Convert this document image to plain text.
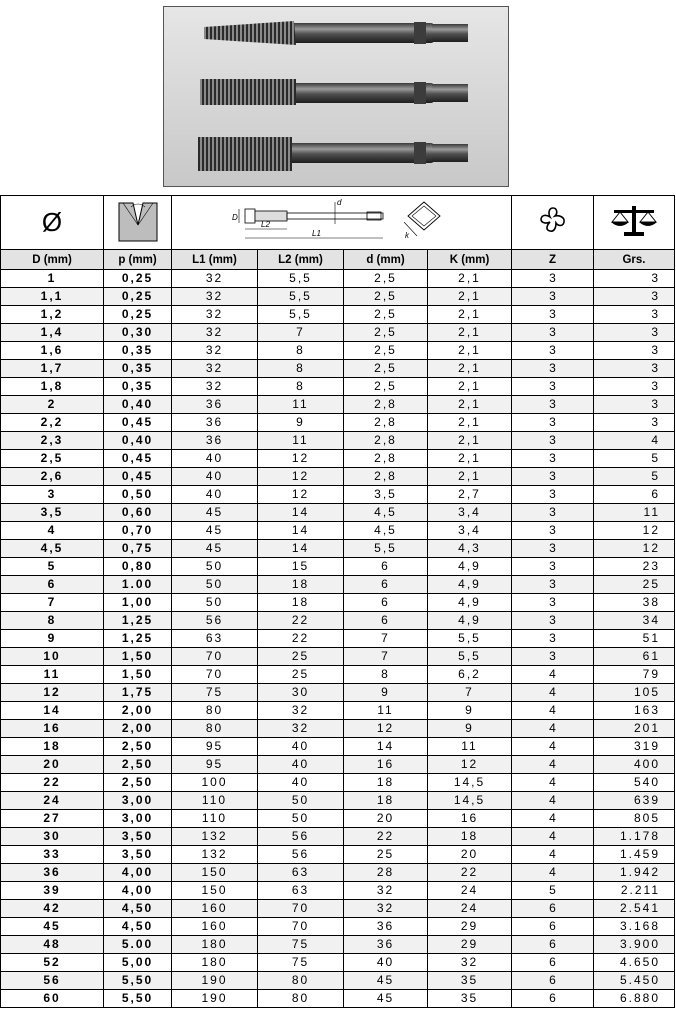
Ø		D
d
L2
L1 k

D (mm)	p (mm)	L1 (mm)	L2 (mm)	d (mm)	K (mm)	Z	Grs.
1	0,25	32	5,5	2,5	2,1	3	3
1,1	0,25	32	5,5	2,5	2,1	3	3
1,2	0,25	32	5,5	2,5	2,1	3	3
1,4	0,30	32	7	2,5	2,1	3	3
1,6	0,35	32	8	2,5	2,1	3	3
1,7	0,35	32	8	2,5	2,1	3	3
1,8	0,35	32	8	2,5	2,1	3	3
2	0,40	36	11	2,8	2,1	3	3
2,2	0,45	36	9	2,8	2,1	3	3
2,3	0,40	36	11	2,8	2,1	3	4
2,5	0,45	40	12	2,8	2,1	3	5
2,6	0,45	40	12	2,8	2,1	3	5
3	0,50	40	12	3,5	2,7	3	6
3,5	0,60	45	14	4,5	3,4	3	11
4	0,70	45	14	4,5	3,4	3	12
4,5	0,75	45	14	5,5	4,3	3	12
5	0,80	50	15	6	4,9	3	23
6	1.00	50	18	6	4,9	3	25
7	1,00	50	18	6	4,9	3	38
8	1,25	56	22	6	4,9	3	34
9	1,25	63	22	7	5,5	3	51
10	1,50	70	25	7	5,5	3	61
11	1,50	70	25	8	6,2	4	79
12	1,75	75	30	9	7	4	105
14	2,00	80	32	11	9	4	163
16	2,00	80	32	12	9	4	201
18	2,50	95	40	14	11	4	319
20	2,50	95	40	16	12	4	400
22	2,50	100	40	18	14,5	4	540
24	3,00	110	50	18	14,5	4	639
27	3,00	110	50	20	16	4	805
30	3,50	132	56	22	18	4	1.178
33	3,50	132	56	25	20	4	1.459
36	4,00	150	63	28	22	4	1.942
39	4,00	150	63	32	24	5	2.211
42	4,50	160	70	32	24	6	2.541
45	4,50	160	70	36	29	6	3.168
48	5.00	180	75	36	29	6	3.900
52	5,00	180	75	40	32	6	4.650
56	5,50	190	80	45	35	6	5.450
60	5,50	190	80	45	35	6	6.880
